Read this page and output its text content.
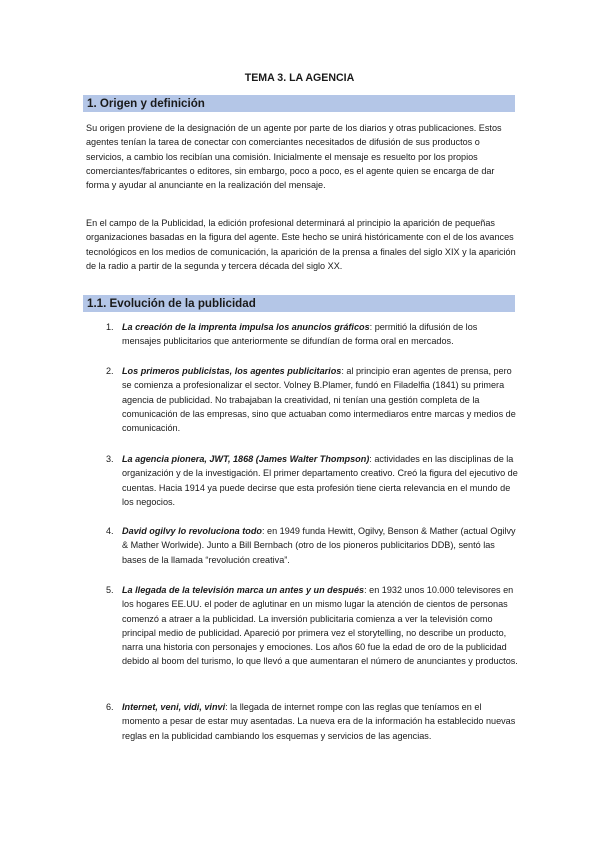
TEMA 3. LA AGENCIA
1. Origen y definición
Su origen proviene de la designación de un agente por parte de los diarios y otras publicaciones. Estos agentes tenían la tarea de conectar con comerciantes necesitados de difusión de sus productos o servicios, a cambio los recibían una comisión. Inicialmente el mensaje es resuelto por los propios comerciantes/fabricantes o editores, sin embargo, poco a poco, es el agente quien se encarga de dar forma y ayudar al anunciante en la realización del mensaje.
En el campo de la Publicidad, la edición profesional determinará al principio la aparición de pequeñas organizaciones basadas en la figura del agente. Este hecho se unirá históricamente con el de los avances tecnológicos en los medios de comunicación, la aparición de la prensa a finales del siglo XIX y la aparición de la radio a partir de la segunda y tercera década del siglo XX.
1.1. Evolución de la publicidad
1. La creación de la imprenta impulsa los anuncios gráficos: permitió la difusión de los mensajes publicitarios que anteriormente se difundían de forma oral en mercados.
2. Los primeros publicistas, los agentes publicitarios: al principio eran agentes de prensa, pero se comienza a profesionalizar el sector. Volney B.Plamer, fundó en Filadelfia (1841) su primera agencia de publicidad. No trabajaban la creatividad, ni tenían una gestión completa de la comunicación de las empresas, sino que actuaban como intermediaros entre marcas y medios de comunicación.
3. La agencia pionera, JWT, 1868 (James Walter Thompson): actividades en las disciplinas de la organización y de la investigación. El primer departamento creativo. Creó la figura del ejecutivo de cuentas. Hacia 1914 ya puede decirse que esta profesión tiene cierta relevancia en el mundo de los negocios.
4. David ogilvy lo revoluciona todo: en 1949 funda Hewitt, Ogilvy, Benson & Mather (actual Ogilvy & Mather Worlwide). Junto a Bill Bernbach (otro de los pioneros publicitarios DDB), sentó las bases de la llamada “revolución creativa”.
5. La llegada de la televisión marca un antes y un después: en 1932 unos 10.000 televisores en los hogares EE.UU. el poder de aglutinar en un mismo lugar la atención de cientos de personas comenzó a atraer a la publicidad. La inversión publicitaria comienza a ver la televisión como principal medio de publicidad. Apareció por primera vez el storytelling, no describe un producto, narra una historia con personajes y emociones. Los años 60 fue la edad de oro de la publicidad debido al boom del turismo, lo que llevó a que aumentaran el número de anunciantes y productos.
6. Internet, veni, vidi, vinvi: la llegada de internet rompe con las reglas que teníamos en el momento a pesar de estar muy asentadas. La nueva era de la información ha establecido nuevas reglas en la publicidad cambiando los esquemas y servicios de las agencias.
